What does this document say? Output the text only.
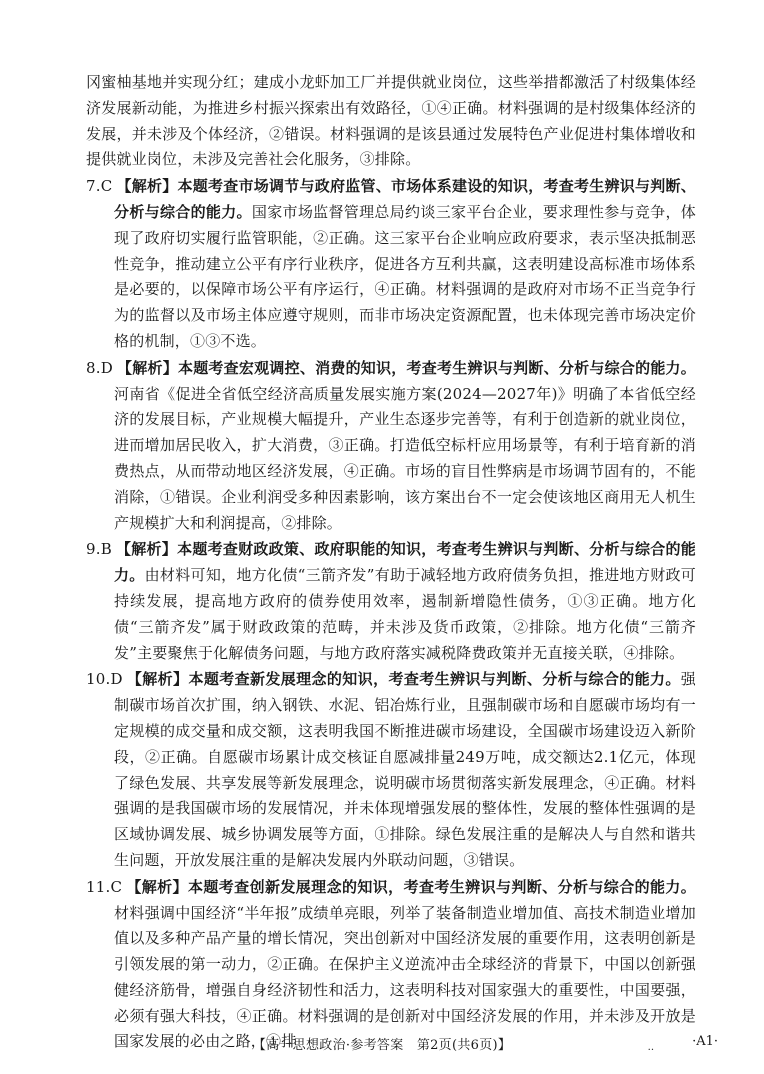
冈蜜柚基地并实现分红；建成小龙虾加工厂并提供就业岗位，这些举措都激活了村级集体经济发展新动能，为推进乡村振兴探索出有效路径，①④正确。材料强调的是村级集体经济的发展，并未涉及个体经济，②错误。材料强调的是该县通过发展特色产业促进村集体增收和提供就业岗位，未涉及完善社会化服务，③排除。

7.C 【解析】本题考查市场调节与政府监管、市场体系建设的知识，考查考生辨识与判断、分析与综合的能力。国家市场监督管理总局约谈三家平台企业，要求理性参与竞争，体现了政府切实履行监管职能，②正确。这三家平台企业响应政府要求，表示坚决抵制恶性竞争，推动建立公平有序行业秩序，促进各方互利共赢，这表明建设高标准市场体系是必要的，以保障市场公平有序运行，④正确。材料强调的是政府对市场不正当竞争行为的监督以及市场主体应遵守规则，而非市场决定资源配置，也未体现完善市场决定价格的机制，①③不选。

8.D 【解析】本题考查宏观调控、消费的知识，考查考生辨识与判断、分析与综合的能力。河南省《促进全省低空经济高质量发展实施方案(2024—2027年)》明确了本省低空经济的发展目标，产业规模大幅提升，产业生态逐步完善等，有利于创造新的就业岗位，进而增加居民收入，扩大消费，③正确。打造低空标杆应用场景等，有利于培育新的消费热点，从而带动地区经济发展，④正确。市场的盲目性弊病是市场调节固有的，不能消除，①错误。企业利润受多种因素影响，该方案出台不一定会使该地区商用无人机生产规模扩大和利润提高，②排除。

9.B 【解析】本题考查财政政策、政府职能的知识，考查考生辨识与判断、分析与综合的能力。由材料可知，地方化债“三箭齐发”有助于减轻地方政府债务负担，推进地方财政可持续发展，提高地方政府的债券使用效率，遏制新增隐性债务，①③正确。地方化债“三箭齐发”属于财政政策的范畴，并未涉及货币政策，②排除。地方化债“三箭齐发”主要聚焦于化解债务问题，与地方政府落实减税降费政策并无直接关联，④排除。

10.D 【解析】本题考查新发展理念的知识，考查考生辨识与判断、分析与综合的能力。强制碳市场首次扩围，纳入钢铁、水泥、铝冶炼行业，且强制碳市场和自愿碳市场均有一定规模的成交量和成交额，这表明我国不断推进碳市场建设，全国碳市场建设迈入新阶段，②正确。自愿碳市场累计成交核证自愿减排量249万吨，成交额达2.1亿元，体现了绿色发展、共享发展等新发展理念，说明碳市场贯彻落实新发展理念，④正确。材料强调的是我国碳市场的发展情况，并未体现增强发展的整体性，发展的整体性强调的是区域协调发展、城乡协调发展等方面，①排除。绿色发展注重的是解决人与自然和谐共生问题，开放发展注重的是解决发展内外联动问题，③错误。

11.C 【解析】本题考查创新发展理念的知识，考查考生辨识与判断、分析与综合的能力。材料强调中国经济“半年报”成绩单亮眼，列举了装备制造业增加值、高技术制造业增加值以及多种产品产量的增长情况，突出创新对中国经济发展的重要作用，这表明创新是引领发展的第一动力，②正确。在保护主义逆流冲击全球经济的背景下，中国以创新强健经济筋骨，增强自身经济韧性和活力，这表明科技对国家强大的重要性，中国要强，必须有强大科技，④正确。材料强调的是创新对中国经济发展的作用，并未涉及开放是国家发展的必由之路，①排

【高一思想政治·参考答案　第2页(共6页)】	..	·A1·
